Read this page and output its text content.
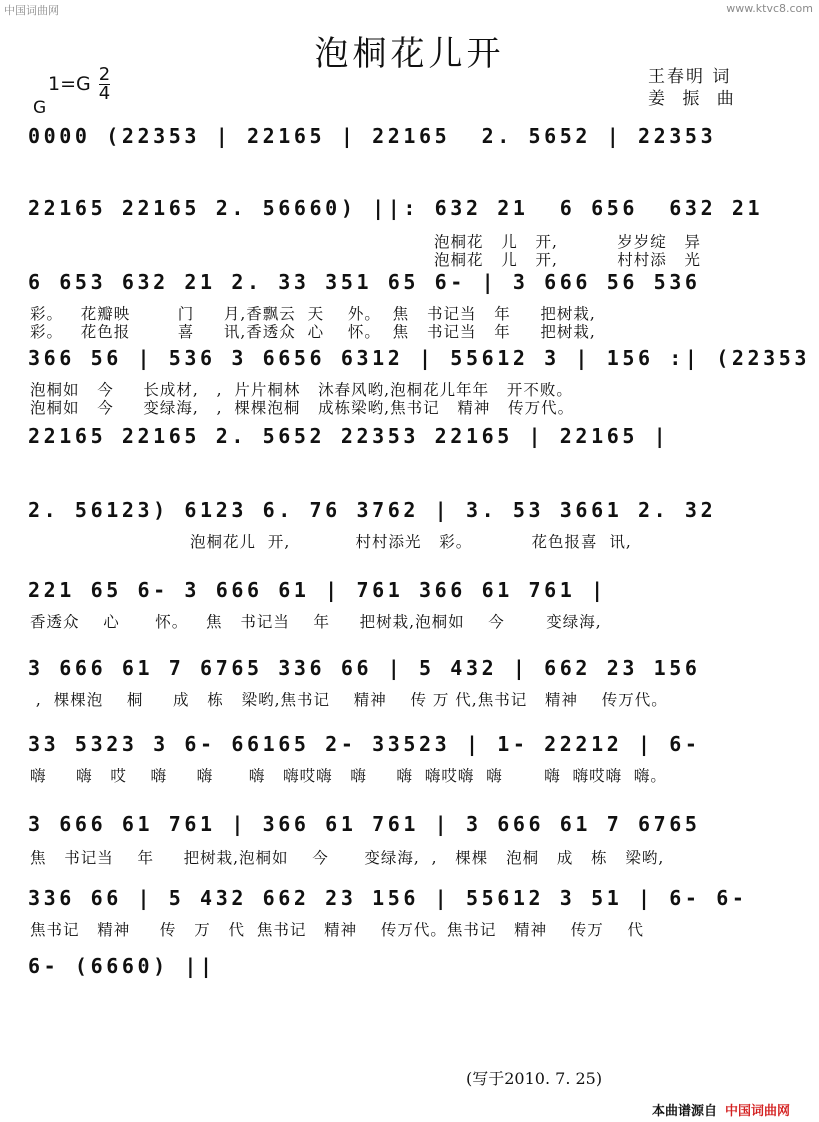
中国词曲网	www.ktvc8.com
泡桐花儿开
$1=G \frac{2}{4}$
G
王春明 词
姜 振 曲
0000 (22353 | 22165 | 22165  2. 5652 | 22353
22165 22165 2. 56660) ||: 632 21  6 656  632 21
泡桐花   儿   开,          岁岁绽   异
泡桐花   儿   开,          村村添   光
6 653 632 21 2. 33 351 65 6- | 3 666 56 536
彩。   花瓣映        门     月,香飘云  天    外。  焦   书记当   年     把树栽,
彩。   花色报        喜     讯,香透众  心    怀。  焦   书记当   年     把树栽,
366 56 | 536 3 6656 6312 | 55612 3 | 156 :| (22353
泡桐如   今     长成材,   ,  片片桐林   沐春风哟,泡桐花儿年年   开不败。
泡桐如   今     变绿海,   ,  棵棵泡桐   成栋梁哟,焦书记   精神   传万代。
22165 22165 2. 5652 22353 22165 | 22165 |
2. 56123) 6123 6. 76 3762 | 3. 53 3661 2. 32
泡桐花儿  开,           村村添光   彩。          花色报喜  讯,
221 65 6- 3 666 61 | 761 366 61 761 |
香透众    心      怀。   焦   书记当    年     把树栽,泡桐如    今       变绿海,
3 666 61 7 6765 336 66 | 5 432 | 662 23 156
,  棵棵泡    桐     成   栋   梁哟,焦书记    精神    传 万 代,焦书记   精神    传万代。
33 5323 3 6- 66165 2- 33523 | 1- 22212 | 6-
嗨     嗨   哎    嗨     嗨      嗨   嗨哎嗨   嗨     嗨  嗨哎嗨  嗨       嗨  嗨哎嗨  嗨。
3 666 61 761 | 366 61 761 | 3 666 61 7 6765
焦   书记当    年     把树栽,泡桐如    今      变绿海,  ,   棵棵   泡桐   成   栋   梁哟,
336 66 | 5 432 662 23 156 | 55612 3 51 | 6- 6-
焦书记   精神     传   万   代  焦书记   精神    传万代。焦书记   精神    传万    代
6- (6660) ||
(写于2010. 7. 25)
本曲谱源自 中国词曲网
